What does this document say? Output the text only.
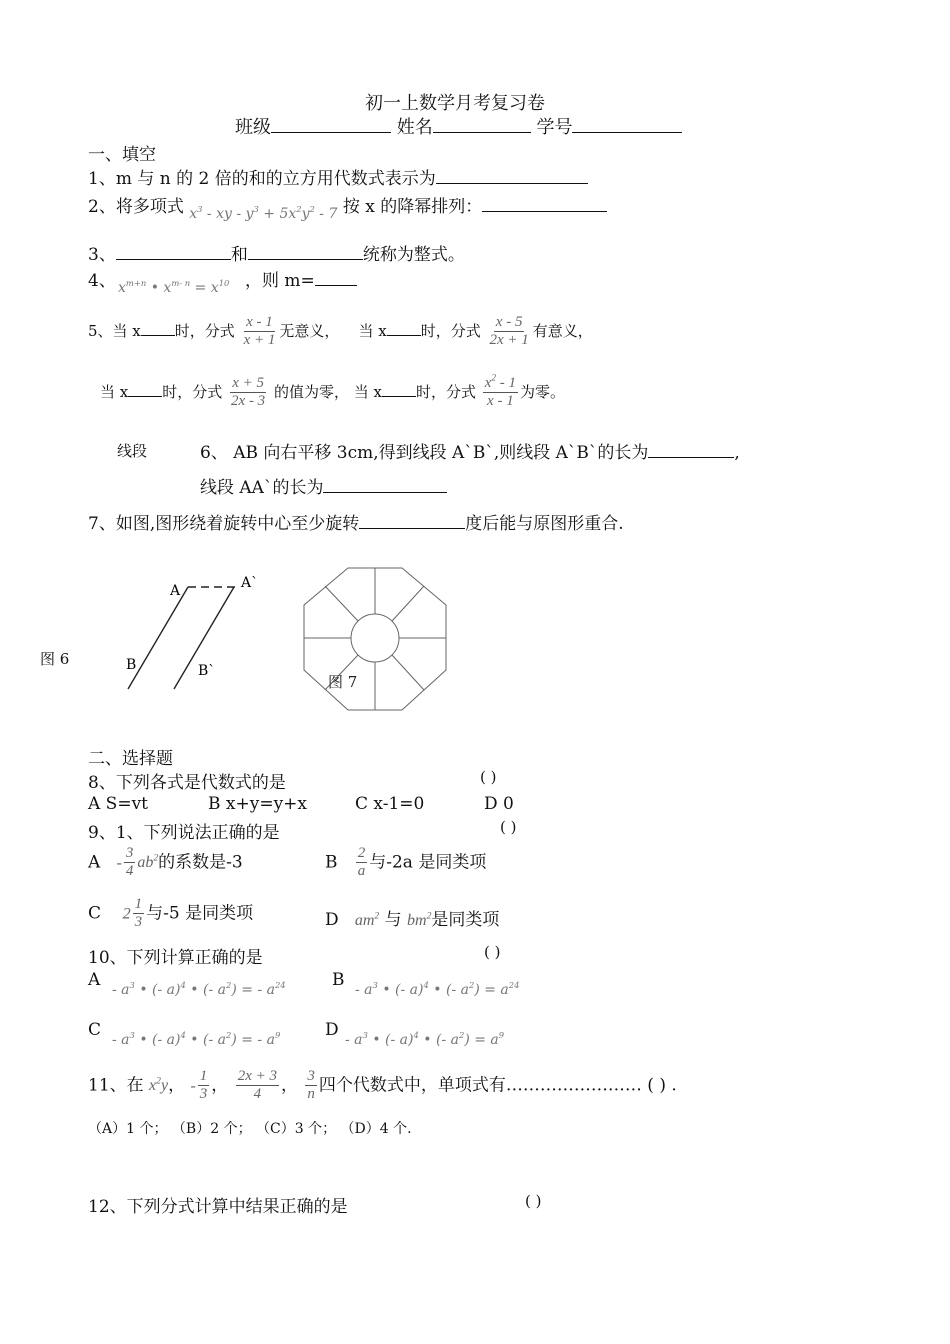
初一上数学月考复习卷
班级	姓名	学号
一、填空
1、m 与 n 的 2 倍的和的立方用代数式表示为
2、将多项式 $_{x^3 - xy - y^3 + 5x^2y^2 - 7}$ 按 x 的降幂排列：
3、	和	统称为整式。
4、 $x^{m+n}$ • $x^{m- n} = x^{10}$ ，则 m=
5、当 x 时，分式 $\frac{x - 1}{x + 1}$ 无意义， 当 x 时，分式 $\frac{x - 5}{2x + 1}$ 有意义，
当 x 时，分式 $\frac{x + 5}{2x - 3}$ 的值为零， 当 x 时，分式 $\frac{x^2 - 1}{x - 1}$ 为零。
线段	6、 AB 向右平移 3cm,得到线段 A`B`,则线段 A`B`的长为	,
线段 AA`的长为
7、如图,图形绕着旋转中心至少旋转	度后能与原图形重合.
图 6
A	A`
B	B`
图 7
二、选择题
8、下列各式是代数式的是	( )
A S=vt	B x+y=y+x	C x-1=0	D 0
9、1、下列说法正确的是	( )
A - $\frac{3}{4} ab^2$的系数是-3	B $\frac{2}{a}$ 与-2a 是同类项
C $2 \frac{1}{3}$ 与-5 是同类项	D $am^2$ 与 $bm^2$是同类项
10、下列计算正确的是	( )
A - $a^3$ • (- a)$^4$ • (- $a^2$) = - $a^{24}$	B - $a^3$ • (- a)$^4$ • (- $a^2) = a^{24}$
C - $a^3$ • (- a)$^4$ • (- $a^2$) = - $a^9$	D - $a^3$ • (- a)$^4$ • (- $a^2) = a^9$
11、在 $x^2y$， - $\frac{1}{3}$ ， $\frac{2x + 3}{4}$ ， $\frac{3}{n}$ 四个代数式中，单项式有…………………… ( ) .
（A）1 个； （B）2 个； （C）3 个； （D）4 个.
12、下列分式计算中结果正确的是	( )
